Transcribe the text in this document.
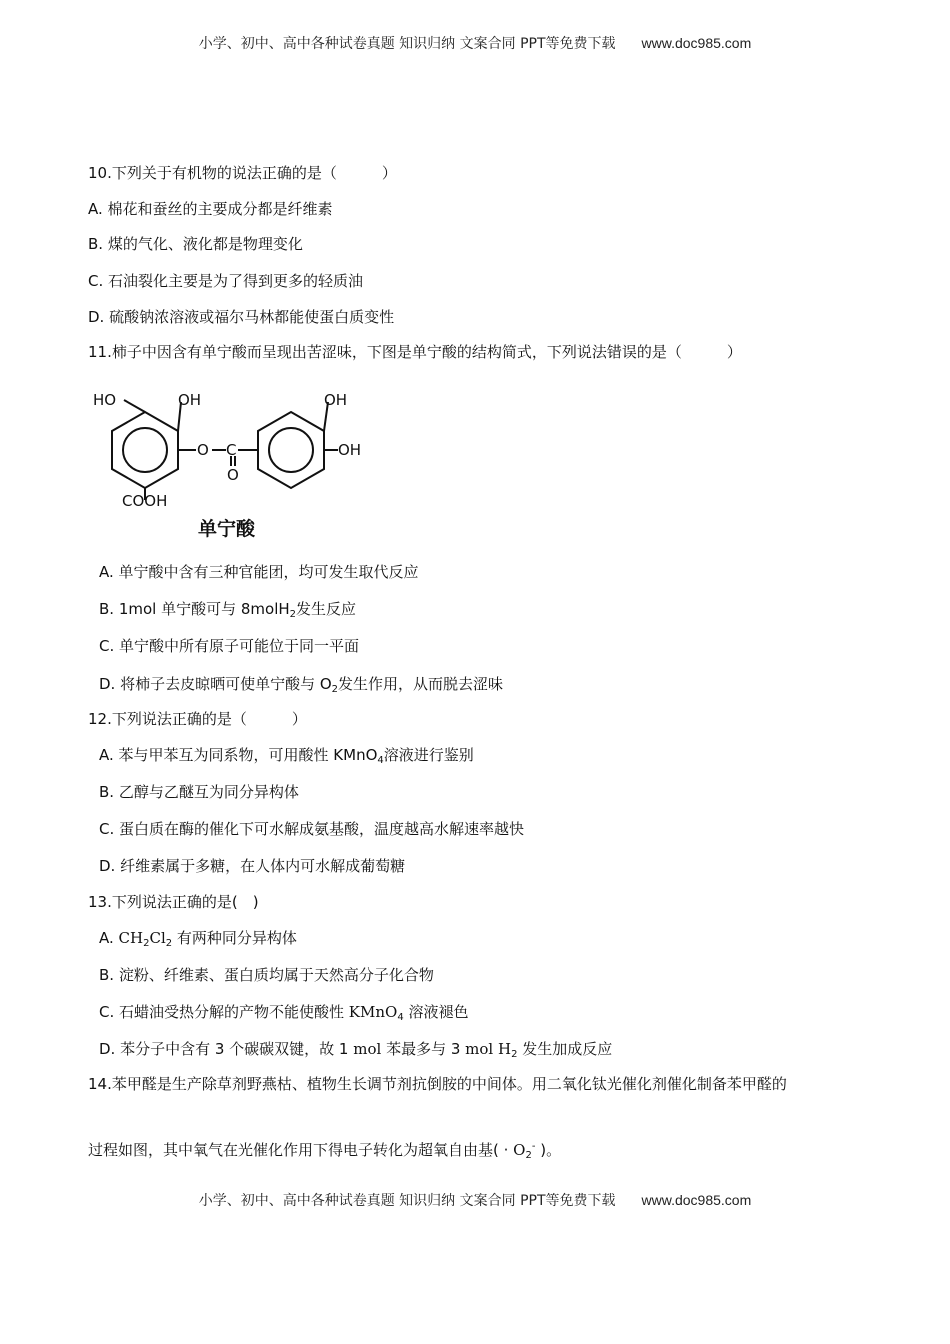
小学、初中、高中各种试卷真题 知识归纳 文案合同 PPT等免费下载 www.doc985.com
10.下列关于有机物的说法正确的是（　　　）
A. 棉花和蚕丝的主要成分都是纤维素
B. 煤的气化、液化都是物理变化
C. 石油裂化主要是为了得到更多的轻质油
D. 硫酸钠浓溶液或福尔马林都能使蛋白质变性
11.柿子中因含有单宁酸而呈现出苦涩味，下图是单宁酸的结构简式，下列说法错误的是（　　　）
A. 单宁酸中含有三种官能团，均可发生取代反应
B. 1mol 单宁酸可与 8molH$_2$发生反应
C. 单宁酸中所有原子可能位于同一平面
D. 将柿子去皮晾晒可使单宁酸与 $O_2$发生作用，从而脱去涩味
12.下列说法正确的是（　　　）
A. 苯与甲苯互为同系物，可用酸性 KMnO$_4$溶液进行鉴别
B. 乙醇与乙醚互为同分异构体
C. 蛋白质在酶的催化下可水解成氨基酸，温度越高水解速率越快
D. 纤维素属于多糖，在人体内可水解成葡萄糖
13.下列说法正确的是(　)
A. $CH_2Cl_2$ 有两种同分异构体
B. 淀粉、纤维素、蛋白质均属于天然高分子化合物
C. 石蜡油受热分解的产物不能使酸性 KMnO$_4$ 溶液褪色
D. 苯分子中含有 3 个碳碳双键，故 1 mol 苯最多与 3 mol $H_2$ 发生加成反应
14.苯甲醛是生产除草剂野燕枯、植物生长调节剂抗倒胺的中间体。用二氧化钛光催化剂催化制备苯甲醛的
过程如图，其中氧气在光催化作用下得电子转化为超氧自由基( · $O_2^-$ )。
HO	OH
COOH
O C
O
OH
OH
单宁酸
小学、初中、高中各种试卷真题 知识归纳 文案合同 PPT等免费下载 www.doc985.com
